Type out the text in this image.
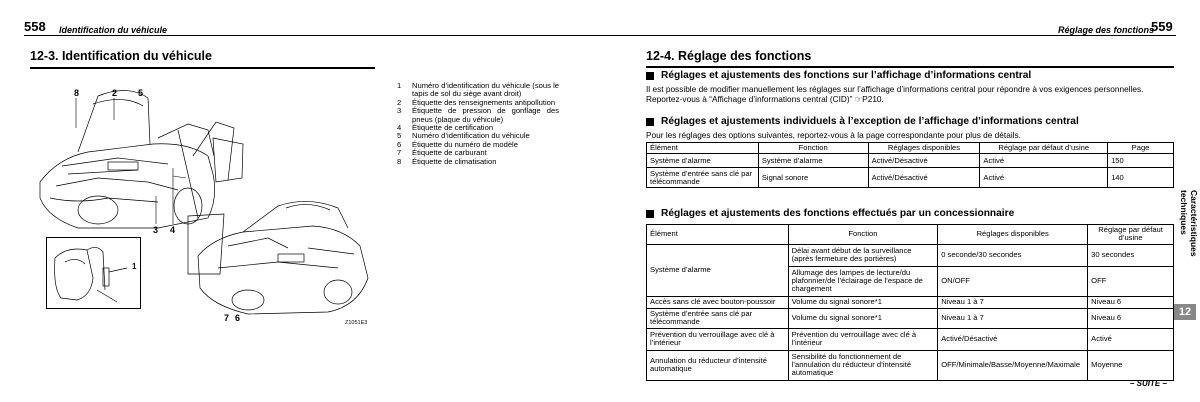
558 Identification du véhicule
12-3. Identification du véhicule
8	2 5
3 4
7 6
1
Z1051E3
1	Numéro d’identification du véhicule (sous le tapis de sol du siège avant droit)
2	Étiquette des renseignements antipollution
3	Étiquette de pression de gonflage des pneus (plaque du véhicule)
4	Étiquette de certification
5	Numéro d’identification du véhicule
6	Étiquette du numéro de modèle
7	Étiquette de carburant
8	Étiquette de climatisation
Réglage des fonctions
559
12-4. Réglage des fonctions
Réglages et ajustements des fonctions sur l’affichage d’informations central
Il est possible de modifier manuellement les réglages sur l’affichage d’informations central pour répondre à vos exigences personnelles. Reportez-vous à “Affichage d’informations central (CID)” ☞P210.
Réglages et ajustements individuels à l’exception de l’affichage d’informations central
Pour les réglages des options suivantes, reportez-vous à la page correspondante pour plus de détails.
Élément	Fonction	Réglages disponibles	Réglage par défaut d’usine	Page
Système d’alarme	Système d’alarme	Activé/Désactivé	Activé	150
Système d’entrée sans clé par télécommande	Signal sonore	Activé/Désactivé	Activé	140
Réglages et ajustements des fonctions effectués par un concessionnaire
Élément	Fonction	Réglages disponibles	Réglage par défaut d’usine
Système d’alarme	Délai avant début de la surveillance (après fermeture des portières)	0 seconde/30 secondes	30 secondes
	Allumage des lampes de lecture/du plafonnier/de l’éclairage de l’espace de chargement	ON/OFF	OFF
Accès sans clé avec bouton-poussoir	Volume du signal sonore*1	Niveau 1 à 7	Niveau 6
Système d’entrée sans clé par télécommande	Volume du signal sonore*1	Niveau 1 à 7	Niveau 6
Prévention du verrouillage avec clé à l’intérieur	Prévention du verrouillage avec clé à l’intérieur	Activé/Désactivé	Activé
Annulation du réducteur d’intensité automatique	Sensibilité du fonctionnement de l’annulation du réducteur d’intensité automatique	OFF/Minimale/Basse/Moyenne/Maximale	Moyenne
Caractéristiques techniques
12
– SUITE –
